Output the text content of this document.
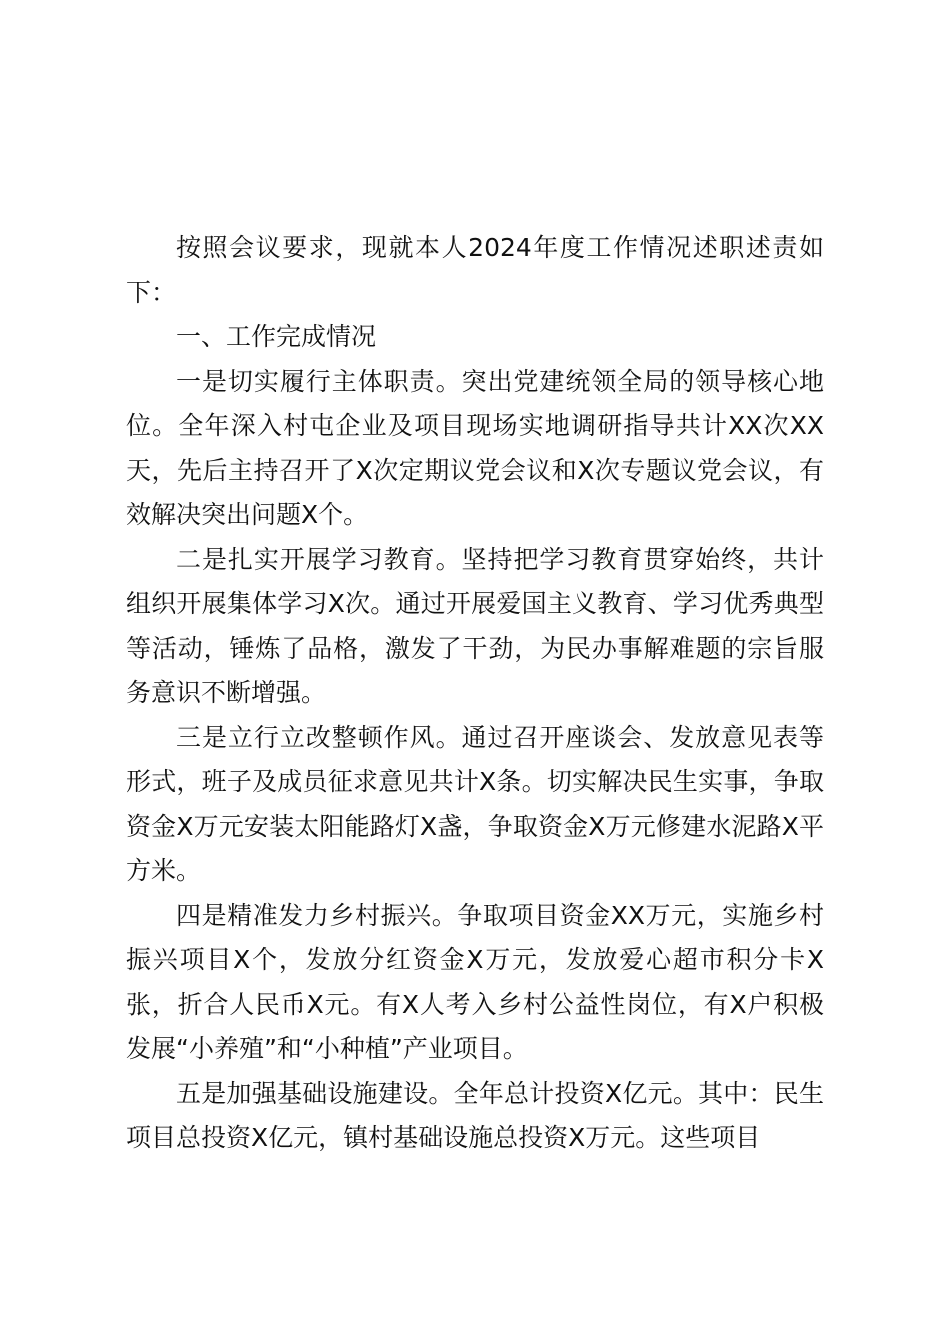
按照会议要求，现就本人2024年度工作情况述职述责如下：

一、工作完成情况

一是切实履行主体职责。突出党建统领全局的领导核心地位。全年深入村屯企业及项目现场实地调研指导共计XX次XX天，先后主持召开了X次定期议党会议和X次专题议党会议，有效解决突出问题X个。

二是扎实开展学习教育。坚持把学习教育贯穿始终，共计组织开展集体学习X次。通过开展爱国主义教育、学习优秀典型等活动，锤炼了品格，激发了干劲，为民办事解难题的宗旨服务意识不断增强。

三是立行立改整顿作风。通过召开座谈会、发放意见表等形式，班子及成员征求意见共计X条。切实解决民生实事，争取资金X万元安装太阳能路灯X盏，争取资金X万元修建水泥路X平方米。

四是精准发力乡村振兴。争取项目资金XX万元，实施乡村振兴项目X个，发放分红资金X万元，发放爱心超市积分卡X张，折合人民币X元。有X人考入乡村公益性岗位，有X户积极发展“小养殖”和“小种植”产业项目。

五是加强基础设施建设。全年总计投资X亿元。其中：民生项目总投资X亿元，镇村基础设施总投资X万元。这些项目
